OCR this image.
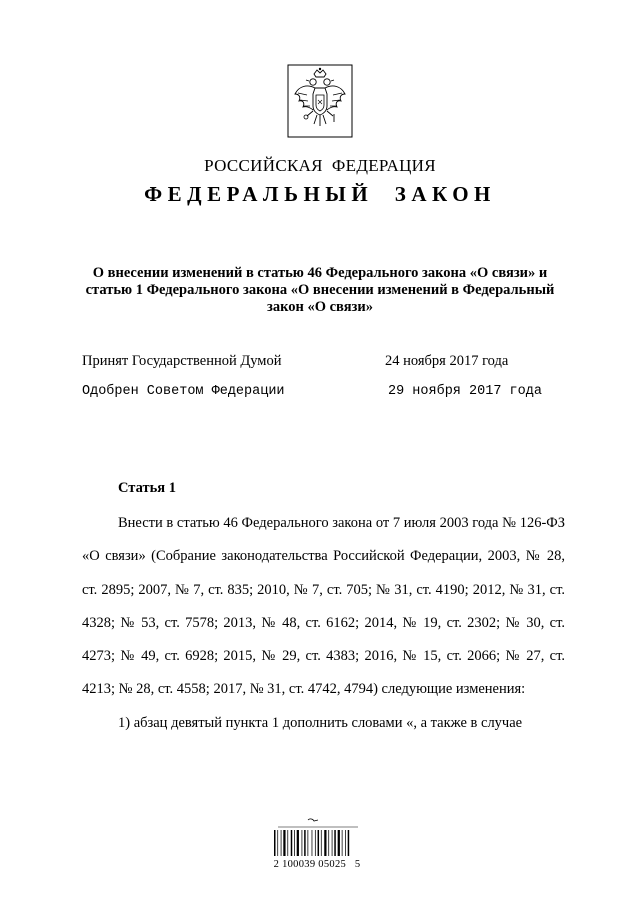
РОССИЙСКАЯ  ФЕДЕРАЦИЯ
ФЕДЕРАЛЬНЫЙ  ЗАКОН
О внесении изменений в статью 46 Федерального закона «О связи» и
статью 1 Федерального закона «О внесении изменений в Федеральный
закон «О связи»
Принят Государственной Думой	24 ноября 2017 года
Одобрен Советом Федерации	29 ноября 2017 года
Статья 1

Внести в статью 46 Федерального закона от 7 июля 2003 года № 126-ФЗ «О связи» (Собрание законодательства Российской Федерации, 2003, № 28, ст. 2895; 2007, № 7, ст. 835; 2010, № 7, ст. 705; № 31, ст. 4190; 2012, № 31, ст. 4328; № 53, ст. 7578; 2013, № 48, ст. 6162; 2014, № 19, ст. 2302; № 30, ст. 4273; № 49, ст. 6928; 2015, № 29, ст. 4383; 2016, № 15, ст. 2066; № 27, ст. 4213; № 28, ст. 4558; 2017, № 31, ст. 4742, 4794) следующие изменения:

1) абзац девятый пункта 1 дополнить словами «, а также в случае

2 100039 05025   5
